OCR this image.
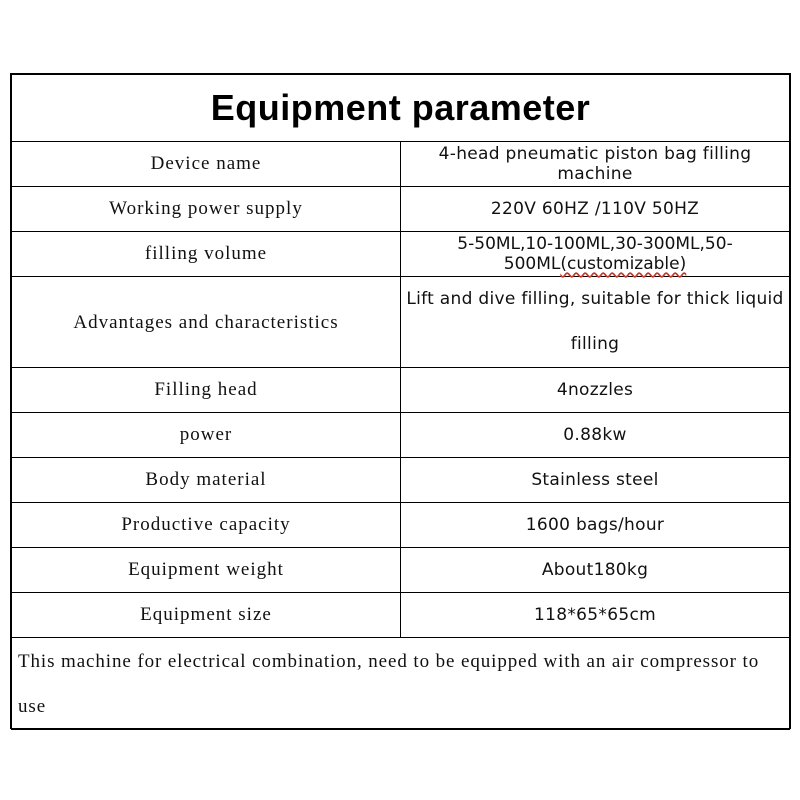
Equipment parameter	
Device name	4-head pneumatic piston bag filling machine
Working power supply	220V 60HZ /110V 50HZ
filling volume	5-50ML,10-100ML,30-300ML,50-500ML(customizable)
Advantages and characteristics	Lift and dive filling, suitable for thick liquid filling
Filling head	4nozzles
power	0.88kw
Body material	Stainless steel
Productive capacity	1600 bags/hour
Equipment weight	About180kg
Equipment size	118*65*65cm
This machine for electrical combination, need to be equipped with an air compressor to use	
